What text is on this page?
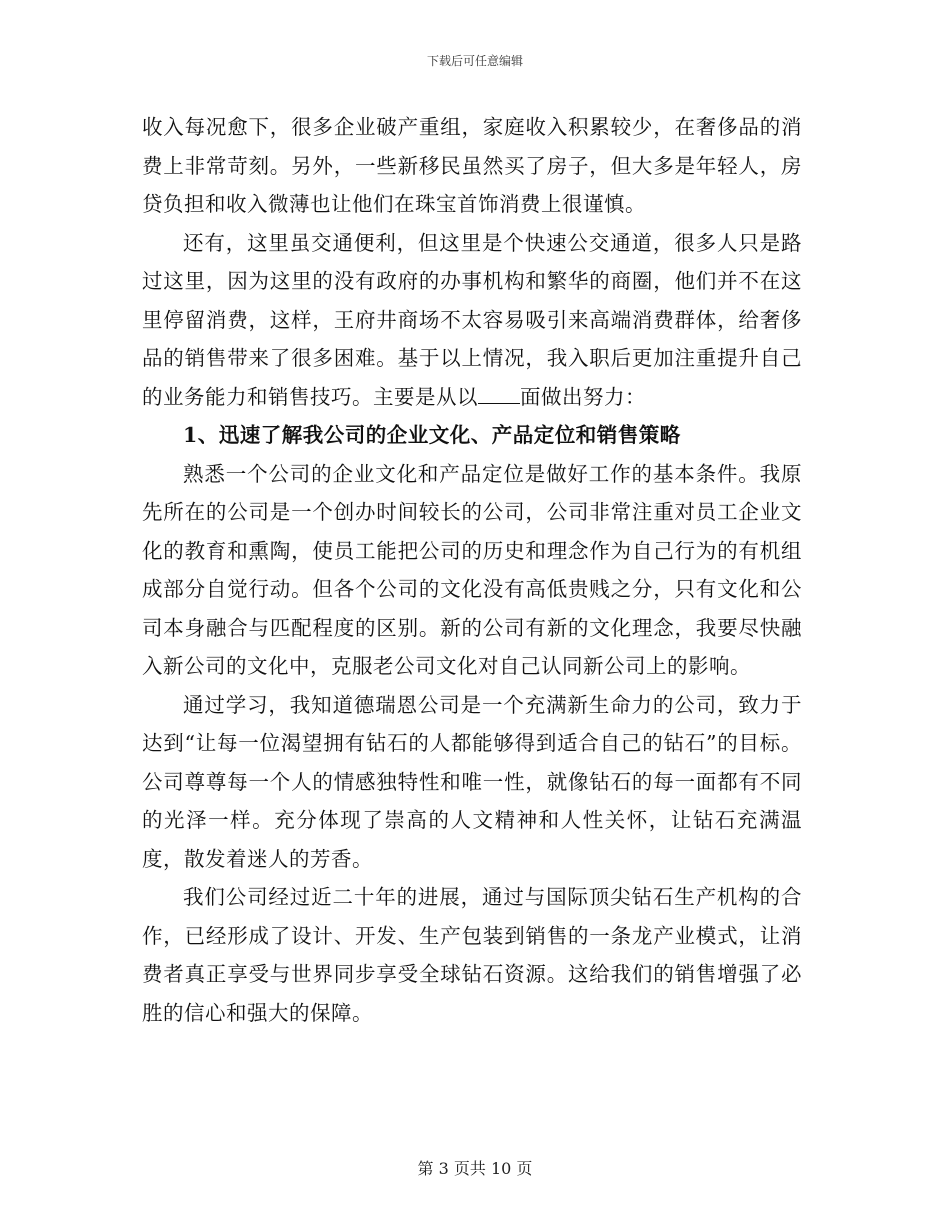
下载后可任意编辑

收入每况愈下，很多企业破产重组，家庭收入积累较少，在奢侈品的消费上非常苛刻。另外，一些新移民虽然买了房子，但大多是年轻人，房贷负担和收入微薄也让他们在珠宝首饰消费上很谨慎。

还有，这里虽交通便利，但这里是个快速公交通道，很多人只是路过这里，因为这里的没有政府的办事机构和繁华的商圈，他们并不在这里停留消费，这样，王府井商场不太容易吸引来高端消费群体，给奢侈品的销售带来了很多困难。基于以上情况，我入职后更加注重提升自己的业务能力和销售技巧。主要是从以 面做出努力：

1、迅速了解我公司的企业文化、产品定位和销售策略

熟悉一个公司的企业文化和产品定位是做好工作的基本条件。我原先所在的公司是一个创办时间较长的公司，公司非常注重对员工企业文化的教育和熏陶，使员工能把公司的历史和理念作为自己行为的有机组成部分自觉行动。但各个公司的文化没有高低贵贱之分，只有文化和公司本身融合与匹配程度的区别。新的公司有新的文化理念，我要尽快融入新公司的文化中，克服老公司文化对自己认同新公司上的影响。

通过学习，我知道德瑞恩公司是一个充满新生命力的公司，致力于达到“让每一位渴望拥有钻石的人都能够得到适合自己的钻石”的目标。公司尊尊每一个人的情感独特性和唯一性，就像钻石的每一面都有不同的光泽一样。充分体现了崇高的人文精神和人性关怀，让钻石充满温度，散发着迷人的芳香。

我们公司经过近二十年的进展，通过与国际顶尖钻石生产机构的合作，已经形成了设计、开发、生产包装到销售的一条龙产业模式，让消费者真正享受与世界同步享受全球钻石资源。这给我们的销售增强了必胜的信心和强大的保障。

第 3 页共 10 页
